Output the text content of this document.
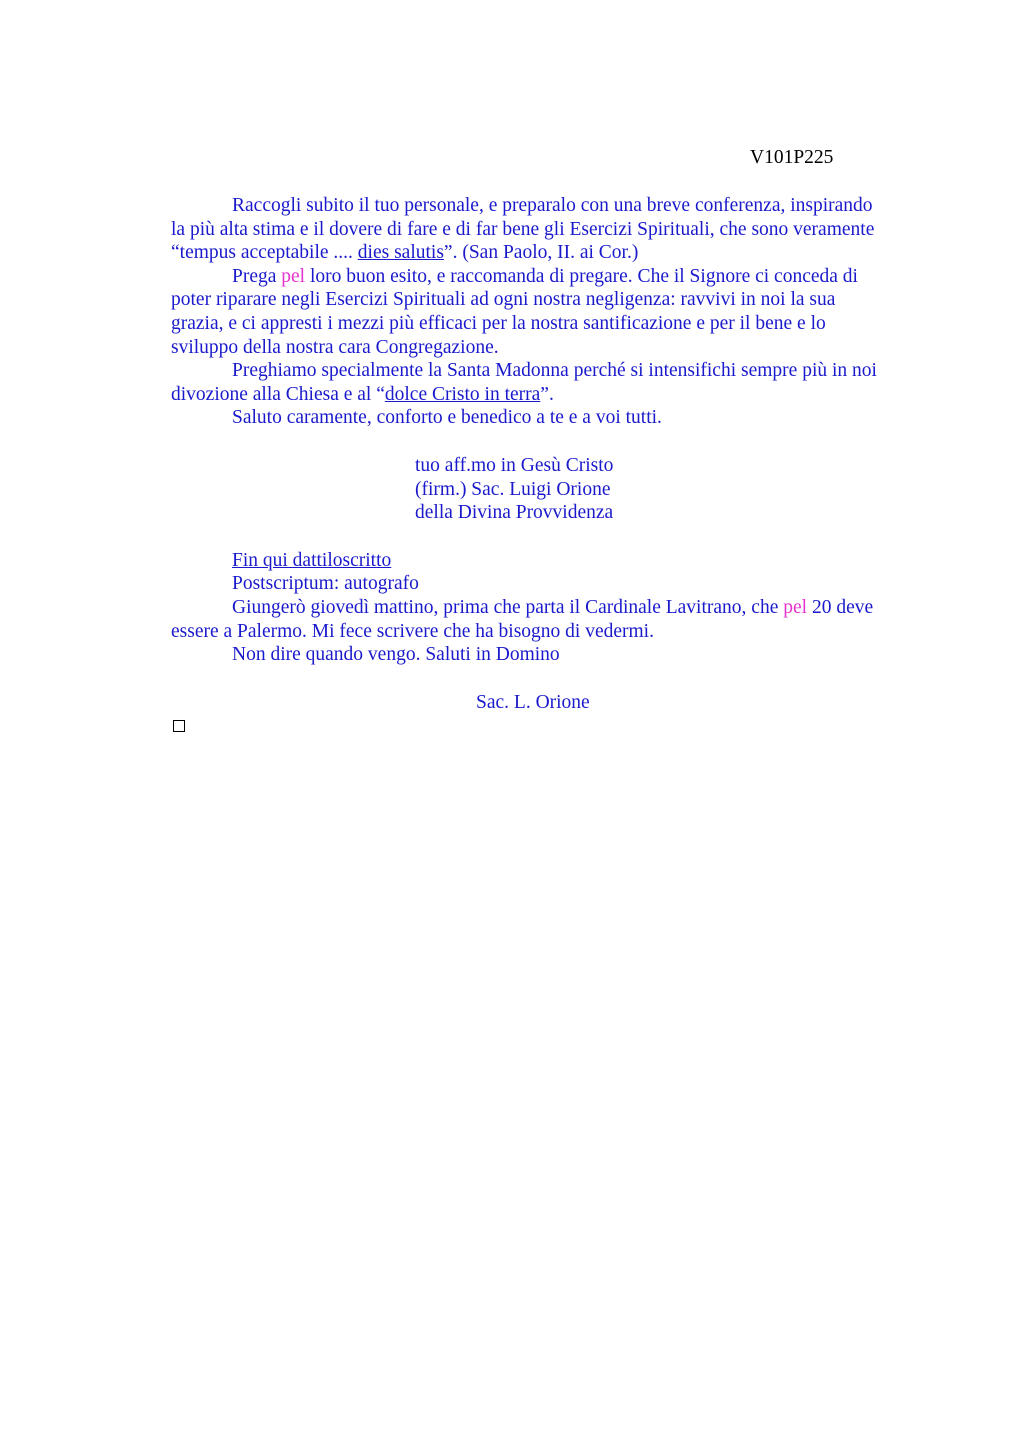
V101P225
Raccogli subito il tuo personale, e preparalo con una breve conferenza, inspirando
la più alta stima e il dovere di fare e di far bene gli Esercizi Spirituali, che sono veramente
“tempus acceptabile .... dies salutis”. (San Paolo, II. ai Cor.)
Prega pel loro buon esito, e raccomanda di pregare. Che il Signore ci conceda di
poter riparare negli Esercizi Spirituali ad ogni nostra negligenza: ravvivi in noi la sua
grazia, e ci appresti i mezzi più efficaci per la nostra santificazione e per il bene e lo
sviluppo della nostra cara Congregazione.
Preghiamo specialmente la Santa Madonna perché si intensifichi sempre più in noi
divozione alla Chiesa e al “dolce Cristo in terra”.
Saluto caramente, conforto e benedico a te e a voi tutti.
tuo aff.mo in Gesù Cristo
(firm.) Sac. Luigi Orione
della Divina Provvidenza
Fin qui dattiloscritto
Postscriptum: autografo
Giungerò giovedì mattino, prima che parta il Cardinale Lavitrano, che pel 20 deve
essere a Palermo. Mi fece scrivere che ha bisogno di vedermi.
Non dire quando vengo. Saluti in Domino
Sac. L. Orione
